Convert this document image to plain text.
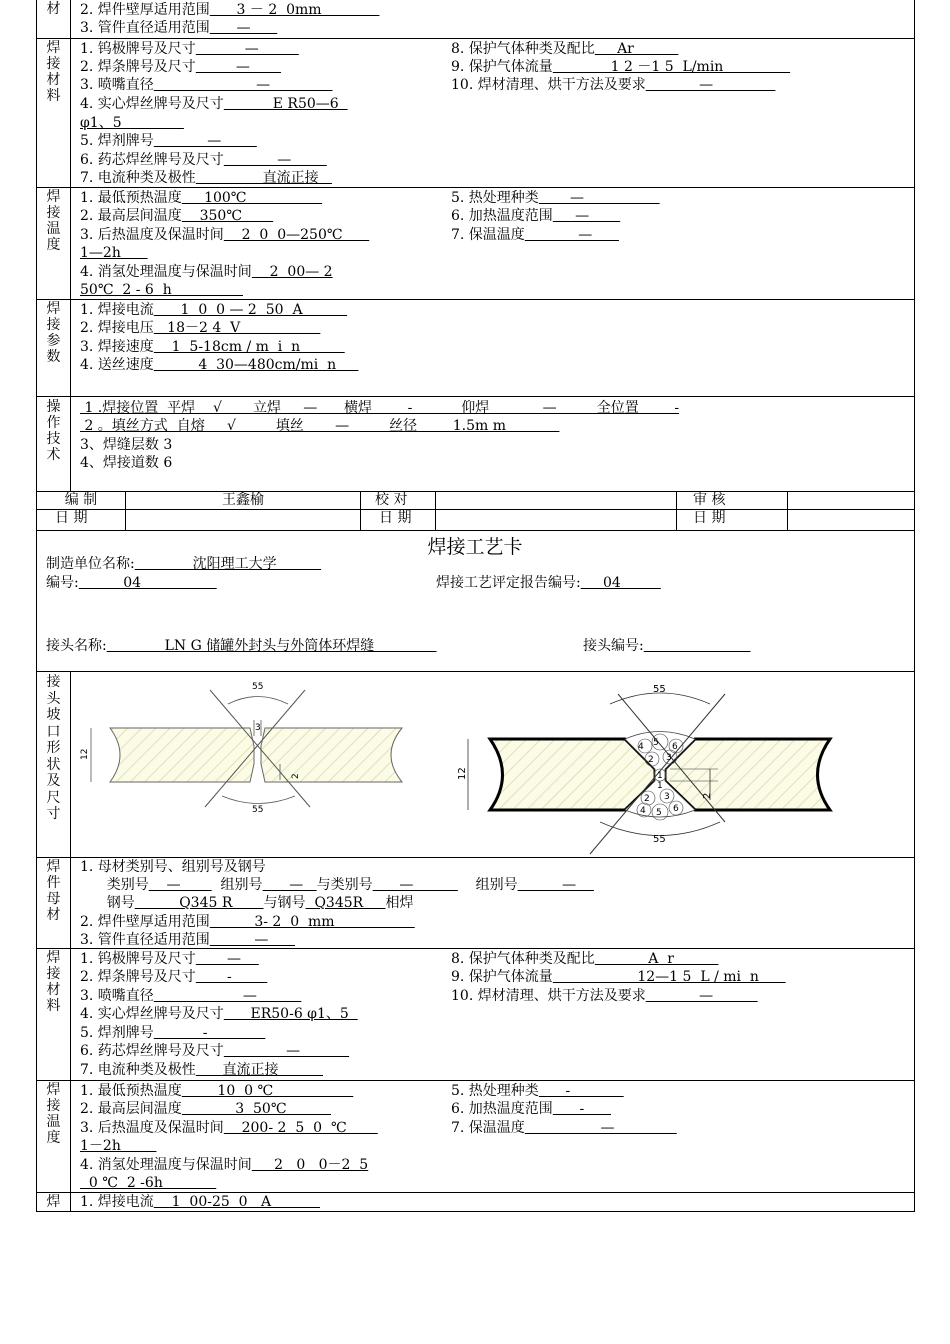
材	2. 焊件壁厚适用范围      3 － 2  0mm
3. 管件直径适用范围      —
焊
接
材
料
1. 钨极牌号及尺寸           —
2. 焊条牌号及尺寸         —
3. 喷嘴直径                       —
4. 实心焊丝牌号及尺寸           E R50—6
φ1、5
5. 焊剂牌号            —
6. 药芯焊丝牌号及尺寸            —
7. 电流种类及极性               直流正接
8. 保护气体种类及配比     Ar
9. 保护气体流量             1 2 －1 5  L/min
10. 焊材清理、烘干方法及要求            —
焊
接
温
度
1. 最低预热温度     100℃
2. 最高层间温度    350℃
3. 后热温度及保温时间    2  0  0—250℃
1—2h
4. 消氢处理温度与保温时间    2  00— 2
50℃  2 - 6  h
5. 热处理种类       —
6. 加热温度范围     —
7. 保温温度            —
焊
接
参
数
1. 焊接电流      1  0  0 — 2  50  A
2. 焊接电压   18－2 4  V
3. 焊接速度    1  5-18cm / m  i  n
4. 送丝速度          4  30—480cm/mi  n
操
作
技
术
1 .焊接位置  平焊    √       立焊     —      横焊        -           仰焊            —         全位置        -
2 。填丝方式  自熔     √         填丝       —         丝径        1.5m m
3、焊缝层数 3
4、焊接道数 6
编 制	王鑫榆	校 对	审 核
日 期	日 期	日 期
焊接工艺卡
制造单位名称:             沈阳理工大学
编号:          04	焊接工艺评定报告编号:     04
接头名称:             LN G 储罐外封头与外筒体环焊缝	接头编号:
接
头
坡
口
形
状
及
尺
寸
55
3
12
2
55
55
12
2
55
4 5 6
3
2
1
1
2 3
4 5 6
焊
件
母
材
1. 母材类别号、组别号及钢号
类别号    —         组别号      —   与类别号      —              组别号          —
钢号          Q345 R       与钢号  Q345R     相焊
2. 焊件壁厚适用范围          3- 2  0  mm
3. 管件直径适用范围          —
焊
接
材
料
1. 钨极牌号及尺寸       —
2. 焊条牌号及尺寸       -
3. 喷嘴直径                    —
4. 实心焊丝牌号及尺寸      ER50-6 φ1、5
5. 焊剂牌号           -
6. 药芯焊丝牌号及尺寸              —
7. 电流种类及极性      直流正接
8. 保护气体种类及配比            A  r
9. 保护气体流量                   12—1 5  L / mi  n
10. 焊材清理、烘干方法及要求            —
焊
接
温
度
1. 最低预热温度        10  0 ℃
2. 最高层间温度            3  50℃
3. 后热温度及保温时间    200- 2  5  0  ℃
1－2h
4. 消氢处理温度与保温时间     2   0   0－2  5
0 ℃  2 -6h
5. 热处理种类      -
6. 加热温度范围      -
7. 保温温度                 —
焊	1. 焊接电流    1  00-25  0   A
